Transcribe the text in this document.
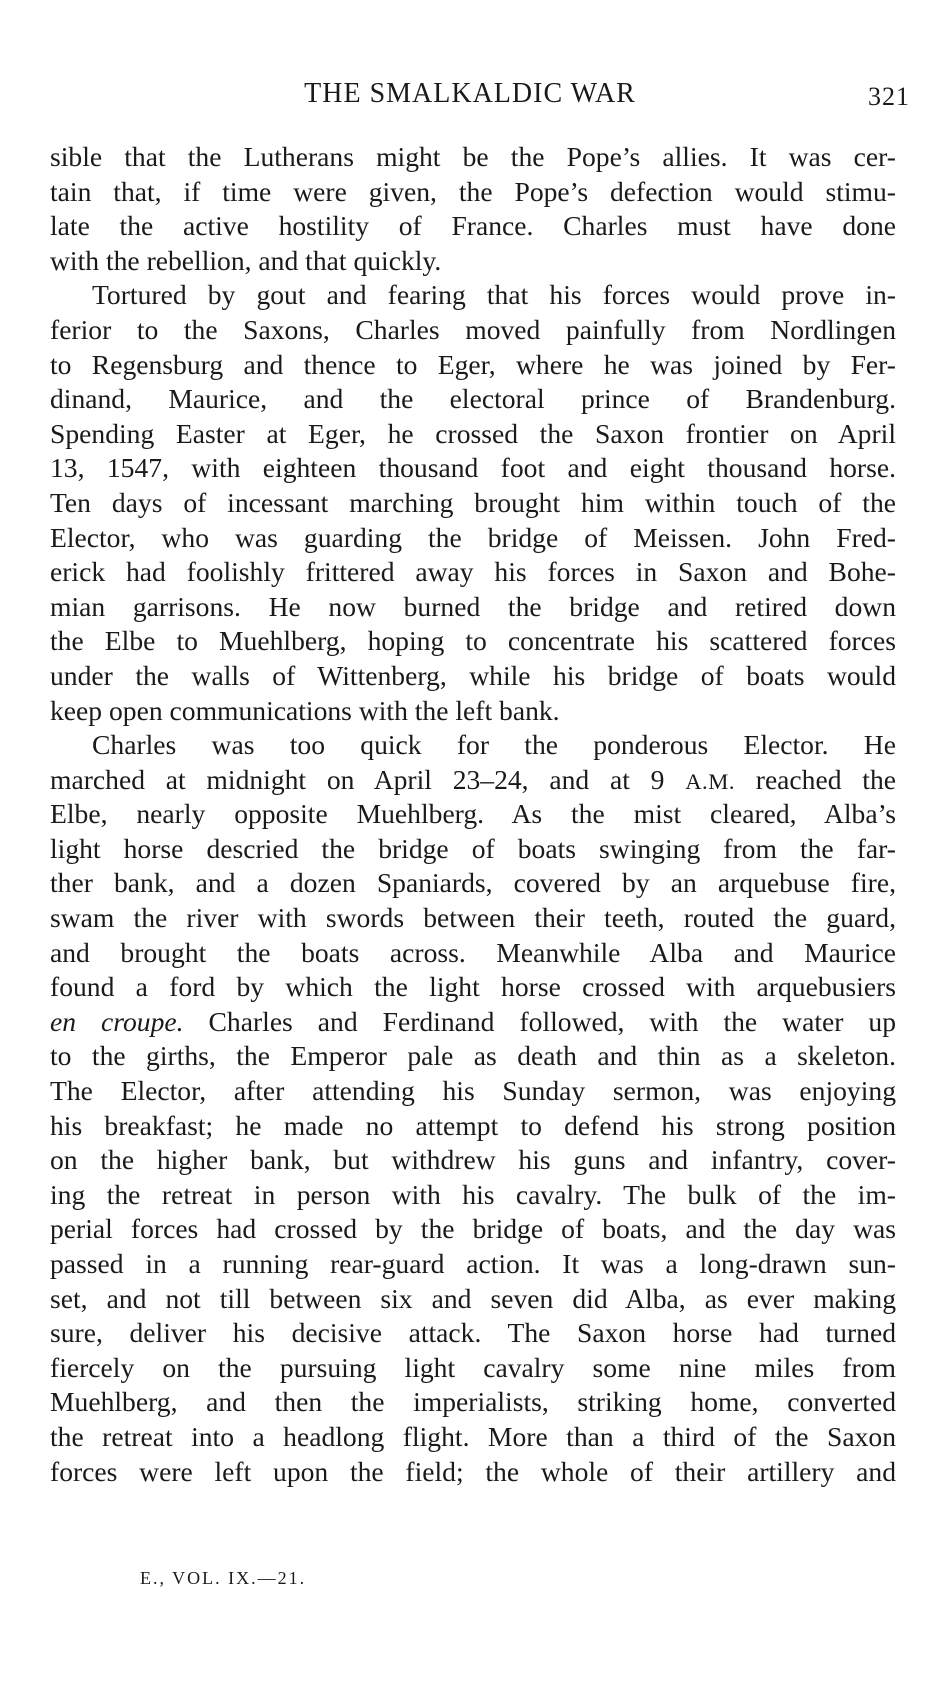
THE SMALKALDIC WAR	321
sible that the Lutherans might be the Pope’s allies. It was cer-
tain that, if time were given, the Pope’s defection would stimu-
late the active hostility of France. Charles must have done
with the rebellion, and that quickly.
Tortured by gout and fearing that his forces would prove in-
ferior to the Saxons, Charles moved painfully from Nordlingen
to Regensburg and thence to Eger, where he was joined by Fer-
dinand, Maurice, and the electoral prince of Brandenburg.
Spending Easter at Eger, he crossed the Saxon frontier on April
13, 1547, with eighteen thousand foot and eight thousand horse.
Ten days of incessant marching brought him within touch of the
Elector, who was guarding the bridge of Meissen. John Fred-
erick had foolishly frittered away his forces in Saxon and Bohe-
mian garrisons. He now burned the bridge and retired down
the Elbe to Muehlberg, hoping to concentrate his scattered forces
under the walls of Wittenberg, while his bridge of boats would
keep open communications with the left bank.
Charles was too quick for the ponderous Elector. He
marched at midnight on April 23–24, and at 9 A.M. reached the
Elbe, nearly opposite Muehlberg. As the mist cleared, Alba’s
light horse descried the bridge of boats swinging from the far-
ther bank, and a dozen Spaniards, covered by an arquebuse fire,
swam the river with swords between their teeth, routed the guard,
and brought the boats across. Meanwhile Alba and Maurice
found a ford by which the light horse crossed with arquebusiers
en croupe. Charles and Ferdinand followed, with the water up
to the girths, the Emperor pale as death and thin as a skeleton.
The Elector, after attending his Sunday sermon, was enjoying
his breakfast; he made no attempt to defend his strong position
on the higher bank, but withdrew his guns and infantry, cover-
ing the retreat in person with his cavalry. The bulk of the im-
perial forces had crossed by the bridge of boats, and the day was
passed in a running rear-guard action. It was a long-drawn sun-
set, and not till between six and seven did Alba, as ever making
sure, deliver his decisive attack. The Saxon horse had turned
fiercely on the pursuing light cavalry some nine miles from
Muehlberg, and then the imperialists, striking home, converted
the retreat into a headlong flight. More than a third of the Saxon
forces were left upon the field; the whole of their artillery and
E., VOL. IX.—21.
